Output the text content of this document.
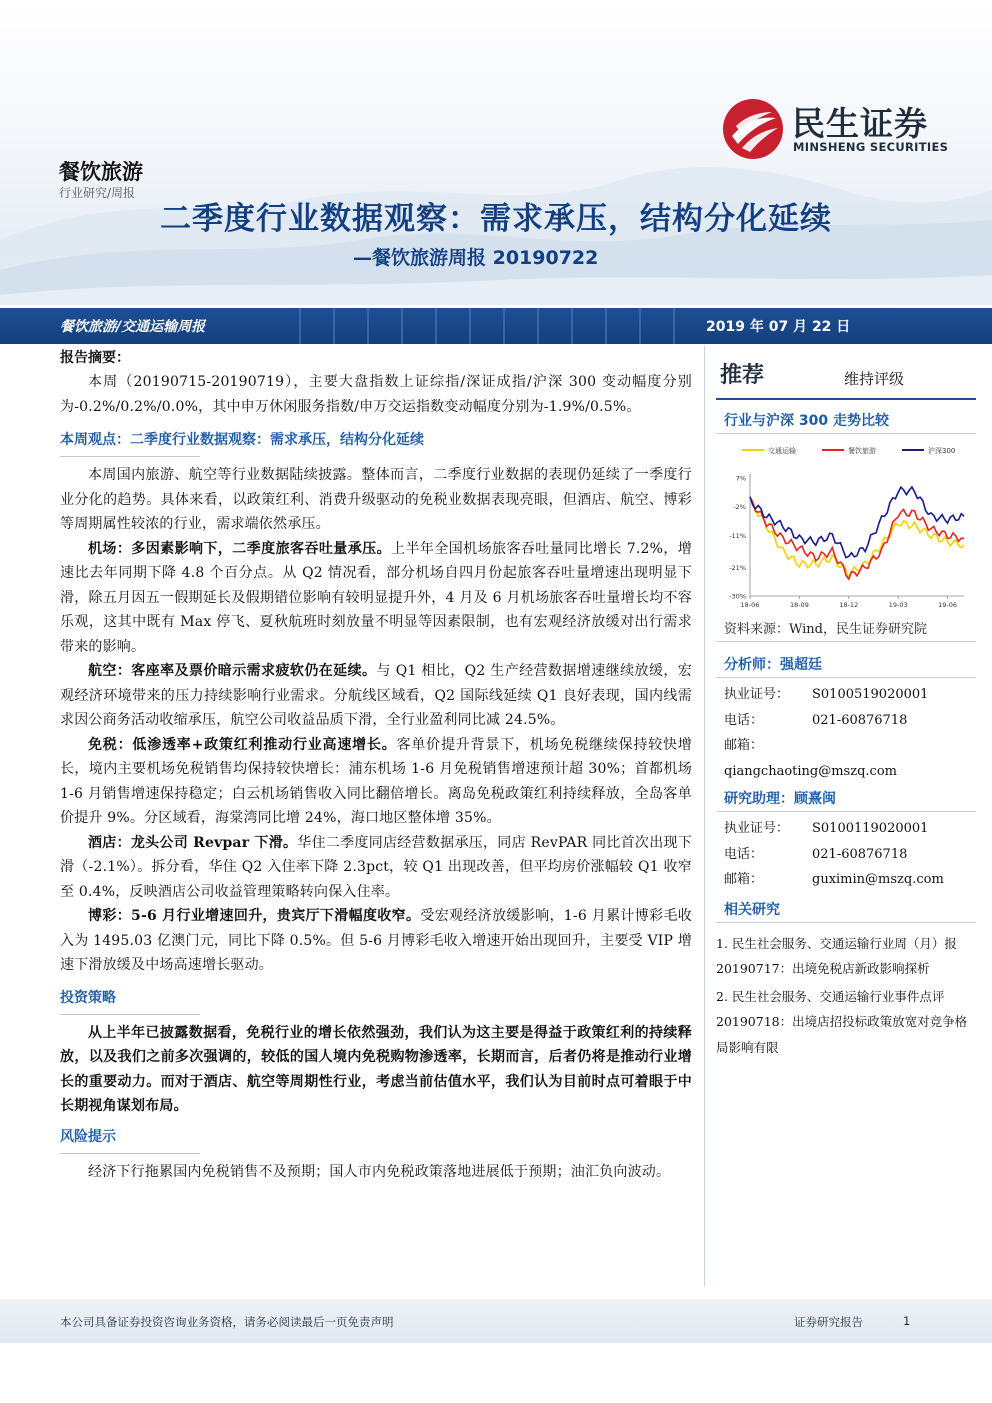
民生证券
MINSHENG SECURITIES
餐饮旅游
二季度行业数据观察：需求承压，结构分化延续
—餐饮旅游周报 20190722
餐饮旅游/交通运输周报	2019 年 07 月 22 日

报告摘要：

本周（20190715-20190719），主要大盘指数上证综指/深证成指/沪深 300 变动幅度分别为-0.2%/0.2%/0.0%，其中申万休闲服务指数/申万交运指数变动幅度分别为-1.9%/0.5%。

本周观点：二季度行业数据观察：需求承压，结构分化延续

本周国内旅游、航空等行业数据陆续披露。整体而言，二季度行业数据的表现仍延续了一季度行业分化的趋势。具体来看，以政策红利、消费升级驱动的免税业数据表现亮眼，但酒店、航空、博彩等周期属性较浓的行业，需求端依然承压。

机场：多因素影响下，二季度旅客吞吐量承压。上半年全国机场旅客吞吐量同比增长 7.2%，增速比去年同期下降 4.8 个百分点。从 Q2 情况看，部分机场自四月份起旅客吞吐量增速出现明显下滑，除五月因五一假期延长及假期错位影响有较明显提升外，4 月及 6 月机场旅客吞吐量增长均不容乐观，这其中既有 Max 停飞、夏秋航班时刻放量不明显等因素限制，也有宏观经济放缓对出行需求带来的影响。

航空：客座率及票价暗示需求疲软仍在延续。与 Q1 相比，Q2 生产经营数据增速继续放缓，宏观经济环境带来的压力持续影响行业需求。分航线区域看，Q2 国际线延续 Q1 良好表现，国内线需求因公商务活动收缩承压，航空公司收益品质下滑，全行业盈利同比减 24.5%。

免税：低渗透率+政策红利推动行业高速增长。客单价提升背景下，机场免税继续保持较快增长，境内主要机场免税销售均保持较快增长：浦东机场 1-6 月免税销售增速预计超 30%；首都机场 1-6 月销售增速保持稳定；白云机场销售收入同比翻倍增长。离岛免税政策红利持续释放，全岛客单价提升 9%。分区域看，海棠湾同比增 24%，海口地区整体增 35%。

酒店：龙头公司 Revpar 下滑。华住二季度同店经营数据承压，同店 RevPAR 同比首次出现下滑（-2.1%）。拆分看，华住 Q2 入住率下降 2.3pct，较 Q1 出现改善，但平均房价涨幅较 Q1 收窄至 0.4%，反映酒店公司收益管理策略转向保入住率。

博彩：5-6 月行业增速回升，贵宾厅下滑幅度收窄。受宏观经济放缓影响，1-6 月累计博彩毛收入为 1495.03 亿澳门元，同比下降 0.5%。但 5-6 月博彩毛收入增速开始出现回升，主要受 VIP 增速下滑放缓及中场高速增长驱动。

投资策略

从上半年已披露数据看，免税行业的增长依然强劲，我们认为这主要是得益于政策红利的持续释放，以及我们之前多次强调的，较低的国人境内免税购物渗透率，长期而言，后者仍将是推动行业增长的重要动力。而对于酒店、航空等周期性行业，考虑当前估值水平，我们认为目前时点可着眼于中长期视角谋划布局。

风险提示

经济下行拖累国内免税销售不及预期；国人市内免税政策落地进展低于预期；油汇负向波动。

推荐	维持评级

行业与沪深 300 走势比较

交通运输	餐饮旅游	沪深300
7%
-2%
-11%
-21%
-30%
18-06	18-09	18-12	19-03	19-06
资料来源：Wind，民生证券研究院

分析师：强超廷

执业证号： S0100519020001
电话：	021-60876718
邮箱：qiangchaoting@mszq.com

研究助理：顾熹闽

执业证号： S0100119020001
电话：	021-60876718
邮箱：	guximin@mszq.com

相关研究

1. 民生社会服务、交通运输行业周（月）报 20190717：出境免税店新政影响探析
2. 民生社会服务、交通运输行业事件点评 20190718：出境店招投标政策放宽对竞争格局影响有限
本公司具备证券投资咨询业务资格，请务必阅读最后一页免责声明	证券研究报告	1
